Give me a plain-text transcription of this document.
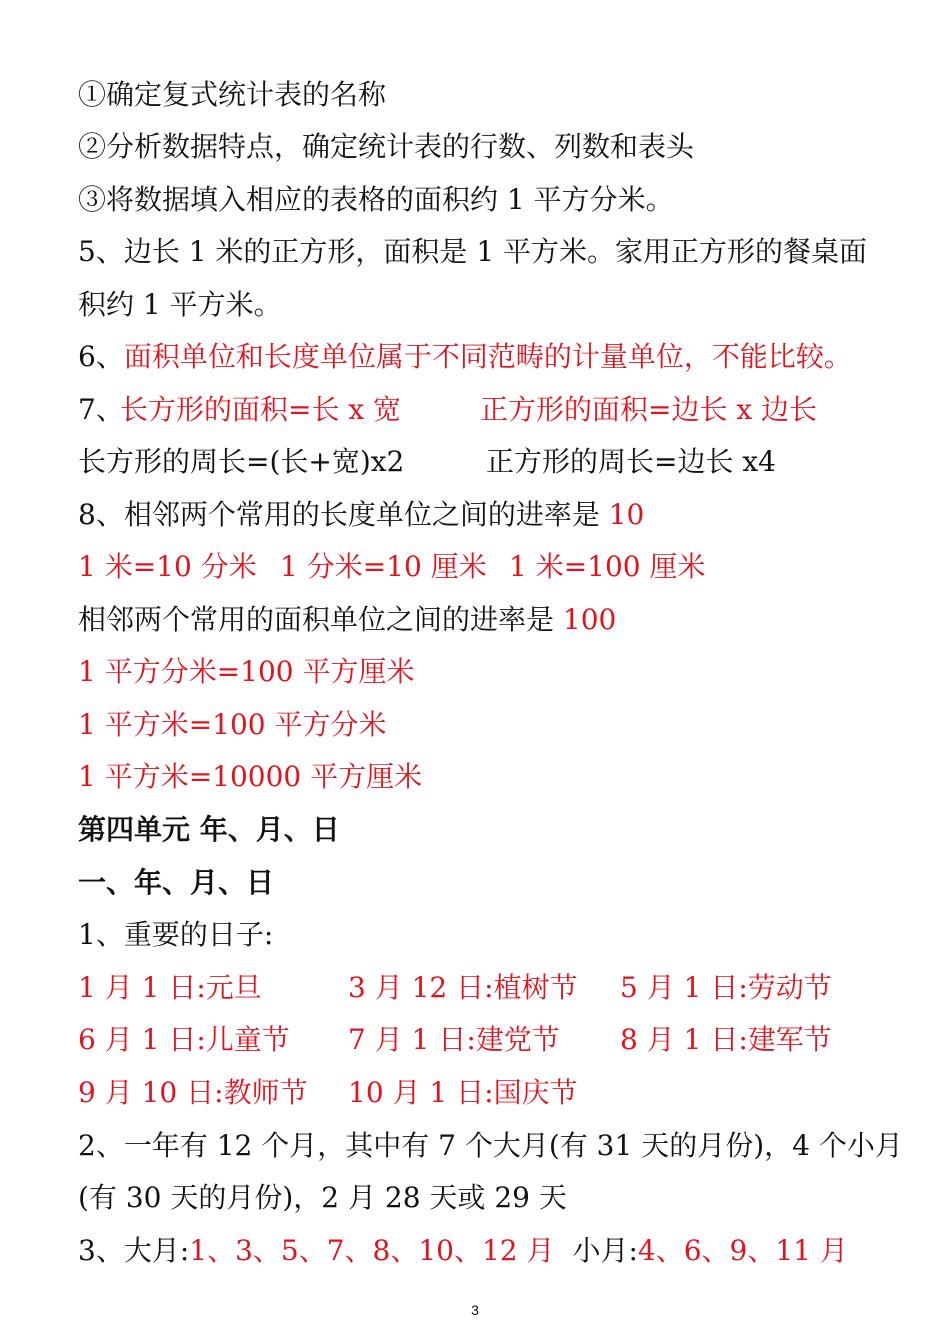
①确定复式统计表的名称
②分析数据特点，确定统计表的行数、列数和表头
③将数据填入相应的表格的面积约 1 平方分米。
5、边长 1 米的正方形，面积是 1 平方米。家用正方形的餐桌面
积约 1 平方米。
6、面积单位和长度单位属于不同范畴的计量单位，不能比较。
7、
长方形的面积=长 x 宽	正方形的面积=边长 x 边长
长方形的周长=(长+宽)x2	正方形的周长=边长 x4
8、相邻两个常用的长度单位之间的进率是 10
1 米=10 分米 1 分米=10 厘米 1 米=100 厘米
相邻两个常用的面积单位之间的进率是 100
1 平方分米=100 平方厘米
1 平方米=100 平方分米
1 平方米=10000 平方厘米
第四单元 年、月、日
一、年、月、日
1、重要的日子:
1 月 1 日:元旦	3 月 12 日:植树节 5 月 1 日:劳动节
6 月 1 日:儿童节 7 月 1 日:建党节 8 月 1 日:建军节
9 月 10 日:教师节 10 月 1 日:国庆节
2、一年有 12 个月，其中有 7 个大月(有 31 天的月份)，4 个小月
(有 30 天的月份)，2 月 28 天或 29 天
3、大月:1、3、5、7、8、10、12 月 小月:4、6、9、11 月
3
